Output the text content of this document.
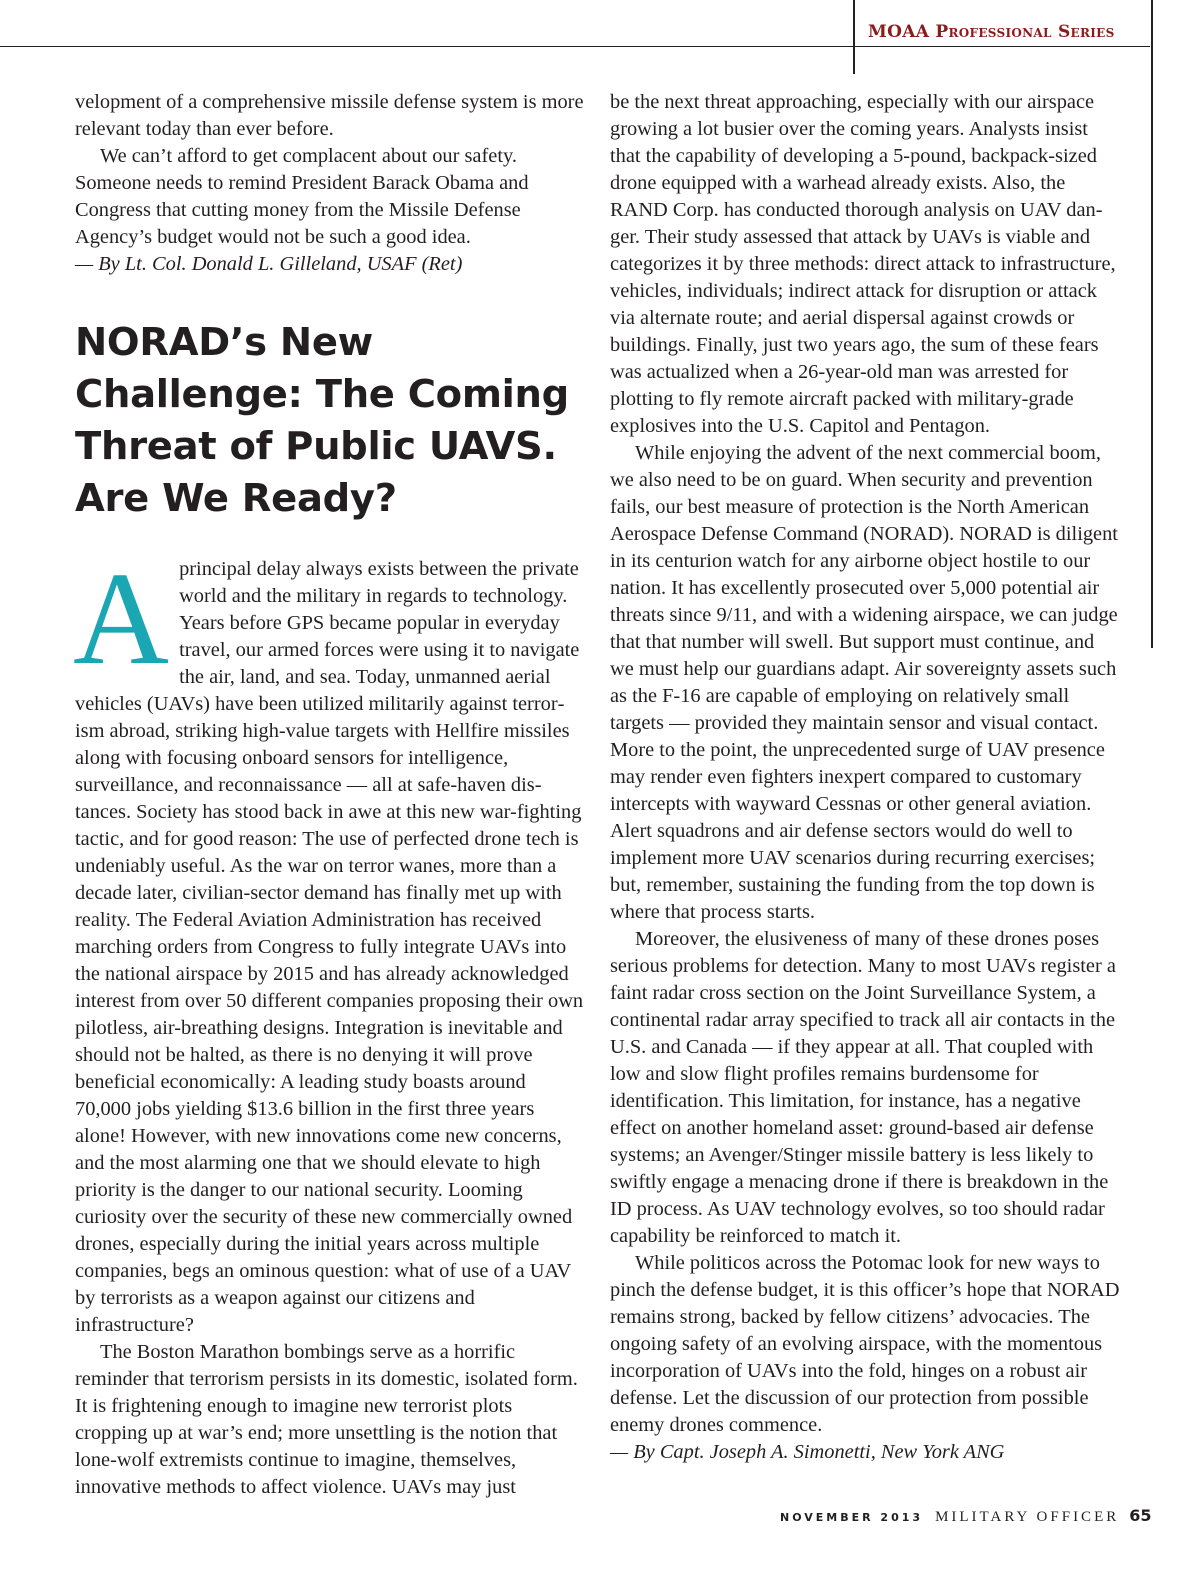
MOAA Professional Series

velopment of a comprehensive missile defense system is more relevant today than ever before.

We can’t afford to get complacent about our safety. Someone needs to remind President Barack Obama and Congress that cutting money from the Missile Defense Agency’s budget would not be such a good idea.

— By Lt. Col. Donald L. Gilleland, USAF (Ret)

NORAD’s New Challenge: The Coming Threat of Public UAVS. Are We Ready?

Aprincipal delay always exists between the private world and the military in regards to technology. Years before GPS became popular in everyday travel, our armed forces were using it to navigate the air, land, and sea. Today, unmanned aerial vehicles (UAVs) have been utilized militarily against terrorism abroad, striking high-value targets with Hellfire missiles along with focusing onboard sensors for intelligence, surveillance, and reconnaissance — all at safe-haven distances. Society has stood back in awe at this new war-fighting tactic, and for good reason: The use of perfected drone tech is undeniably useful. As the war on terror wanes, more than a decade later, civilian-sector demand has finally met up with reality. The Federal Aviation Administration has received marching orders from Congress to fully integrate UAVs into the national airspace by 2015 and has already acknowledged interest from over 50 different companies proposing their own pilotless, air-breathing designs. Integration is inevitable and should not be halted, as there is no denying it will prove beneficial economically: A leading study boasts around 70,000 jobs yielding $13.6 billion in the first three years alone! However, with new innovations come new concerns, and the most alarming one that we should elevate to high priority is the danger to our national security. Looming curiosity over the security of these new commercially owned drones, especially during the initial years across multiple companies, begs an ominous question: what of use of a UAV by terrorists as a weapon against our citizens and infrastructure?

The Boston Marathon bombings serve as a horrific reminder that terrorism persists in its domestic, isolated form. It is frightening enough to imagine new terrorist plots cropping up at war’s end; more unsettling is the notion that lone-wolf extremists continue to imagine, themselves, innovative methods to affect violence. UAVs may just

be the next threat approaching, especially with our airspace growing a lot busier over the coming years. Analysts insist that the capability of developing a 5-pound, backpack-sized drone equipped with a warhead already exists. Also, the RAND Corp. has conducted thorough analysis on UAV danger. Their study assessed that attack by UAVs is viable and categorizes it by three methods: direct attack to infrastructure, vehicles, individuals; indirect attack for disruption or attack via alternate route; and aerial dispersal against crowds or buildings. Finally, just two years ago, the sum of these fears was actualized when a 26-year-old man was arrested for plotting to fly remote aircraft packed with military-grade explosives into the U.S. Capitol and Pentagon.

While enjoying the advent of the next commercial boom, we also need to be on guard. When security and prevention fails, our best measure of protection is the North American Aerospace Defense Command (NORAD). NORAD is diligent in its centurion watch for any airborne object hostile to our nation. It has excellently prosecuted over 5,000 potential air threats since 9/11, and with a widening airspace, we can judge that that number will swell. But support must continue, and we must help our guardians adapt. Air sovereignty assets such as the F-16 are capable of employing on relatively small targets — provided they maintain sensor and visual contact. More to the point, the unprecedented surge of UAV presence may render even fighters inexpert compared to customary intercepts with wayward Cessnas or other general aviation. Alert squadrons and air defense sectors would do well to implement more UAV scenarios during recurring exercises; but, remember, sustaining the funding from the top down is where that process starts.

Moreover, the elusiveness of many of these drones poses serious problems for detection. Many to most UAVs register a faint radar cross section on the Joint Surveillance System, a continental radar array specified to track all air contacts in the U.S. and Canada — if they appear at all. That coupled with low and slow flight profiles remains burdensome for identification. This limitation, for instance, has a negative effect on another homeland asset: ground-based air defense systems; an Avenger/Stinger missile battery is less likely to swiftly engage a menacing drone if there is breakdown in the ID process. As UAV technology evolves, so too should radar capability be reinforced to match it.

While politicos across the Potomac look for new ways to pinch the defense budget, it is this officer’s hope that NORAD remains strong, backed by fellow citizens’ advocacies. The ongoing safety of an evolving airspace, with the momentous incorporation of UAVs into the fold, hinges on a robust air defense. Let the discussion of our protection from possible enemy drones commence.

— By Capt. Joseph A. Simonetti, New York ANG

NOVEMBER 2013 MILITARY OFFICER 65
